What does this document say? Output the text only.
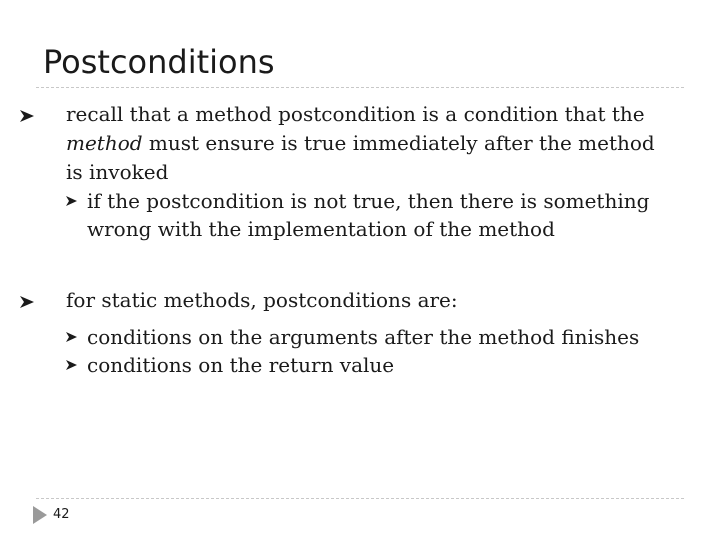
Postconditions
recall that a method postcondition is a condition that the method must ensure is true immediately after the method is invoked
if the postcondition is not true, then there is something wrong with the implementation of the method
for static methods, postconditions are:
conditions on the arguments after the method finishes
conditions on the return value
42
